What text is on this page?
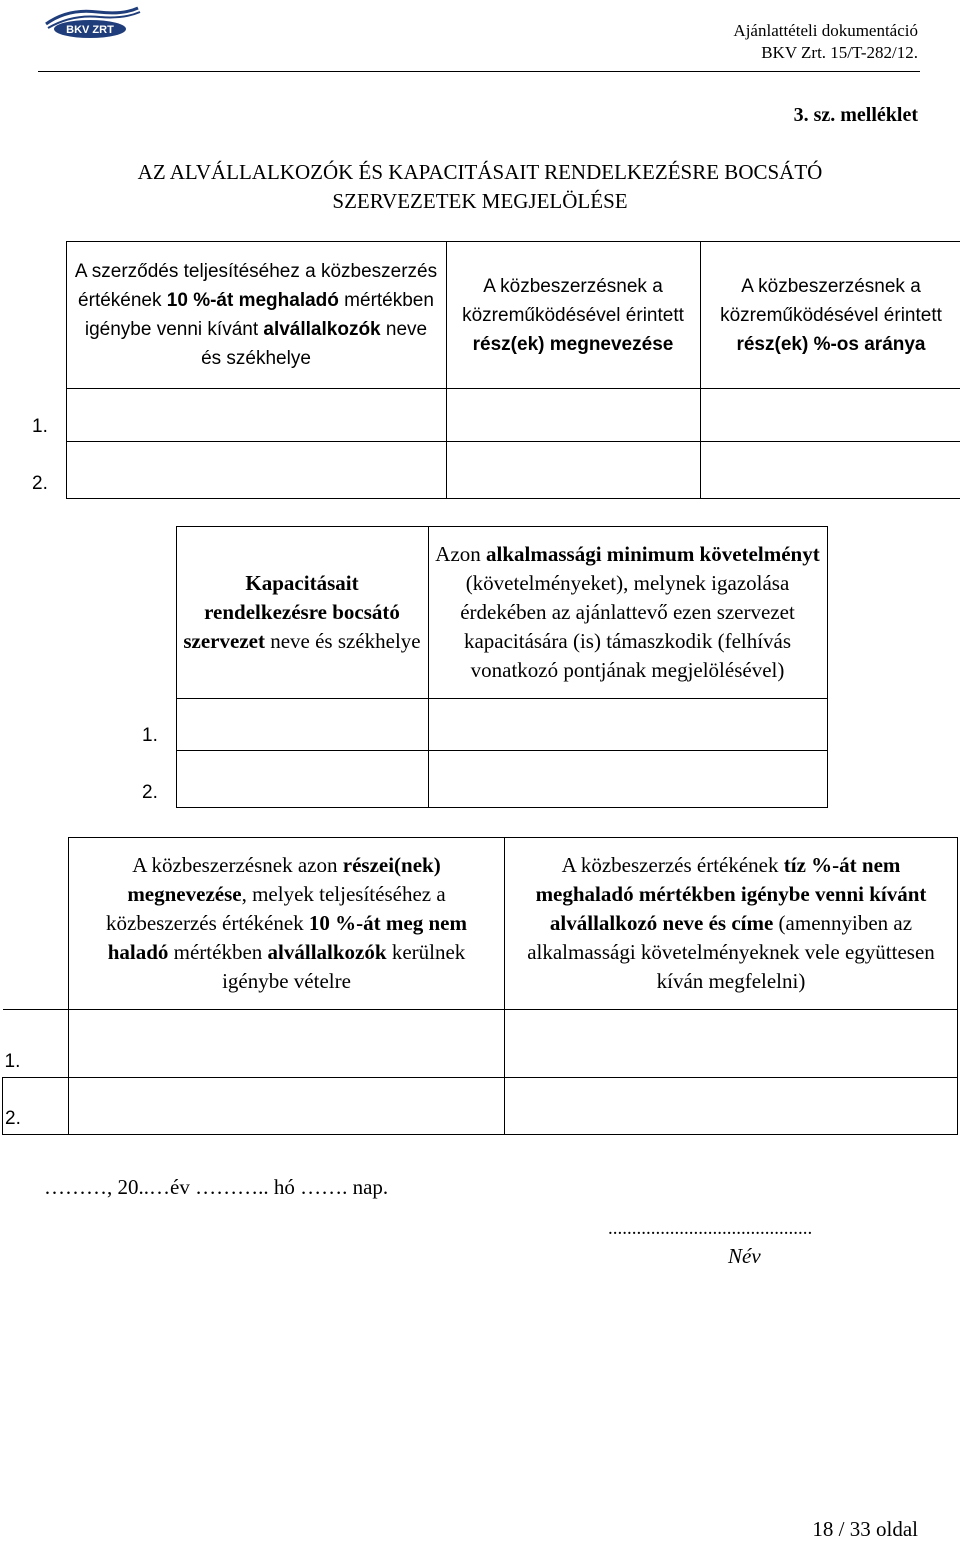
BKV ZRT	Ajánlattételi dokumentáció
BKV Zrt. 15/T-282/12.
3. sz. melléklet
AZ ALVÁLLALKOZÓK ÉS KAPACITÁSAIT RENDELKEZÉSRE BOCSÁTÓ
SZERVEZETEK MEGJELÖLÉSE
	A szerződés teljesítéséhez a közbeszerzés értékének 10 %-át meghaladó mértékben igénybe venni kívánt alvállalkozók neve és székhelye	A közbeszerzésnek a közreműködésével érintett rész(ek) megnevezése	A közbeszerzésnek a közreműködésével érintett rész(ek) %-os aránya
1.			
2.			
	Kapacitásait rendelkezésre bocsátó szervezet neve és székhelye	Azon alkalmassági minimum követelményt (követelményeket), melynek igazolása érdekében az ajánlattevő ezen szervezet kapacitására (is) támaszkodik (felhívás vonatkozó pontjának megjelölésével)
1.		
2.		
	A közbeszerzésnek azon részei(nek) megnevezése, melyek teljesítéséhez a közbeszerzés értékének 10 %-át meg nem haladó mértékben alvállalkozók kerülnek igénybe vételre	A közbeszerzés értékének tíz %-át nem meghaladó mértékben igénybe venni kívánt alvállalkozó neve és címe (amennyiben az alkalmassági követelményeknek vele együttesen kíván megfelelni)
1.		
2.		
………, 20..…év ……….. hó ……. nap.
...........................................
Név
18 / 33 oldal
